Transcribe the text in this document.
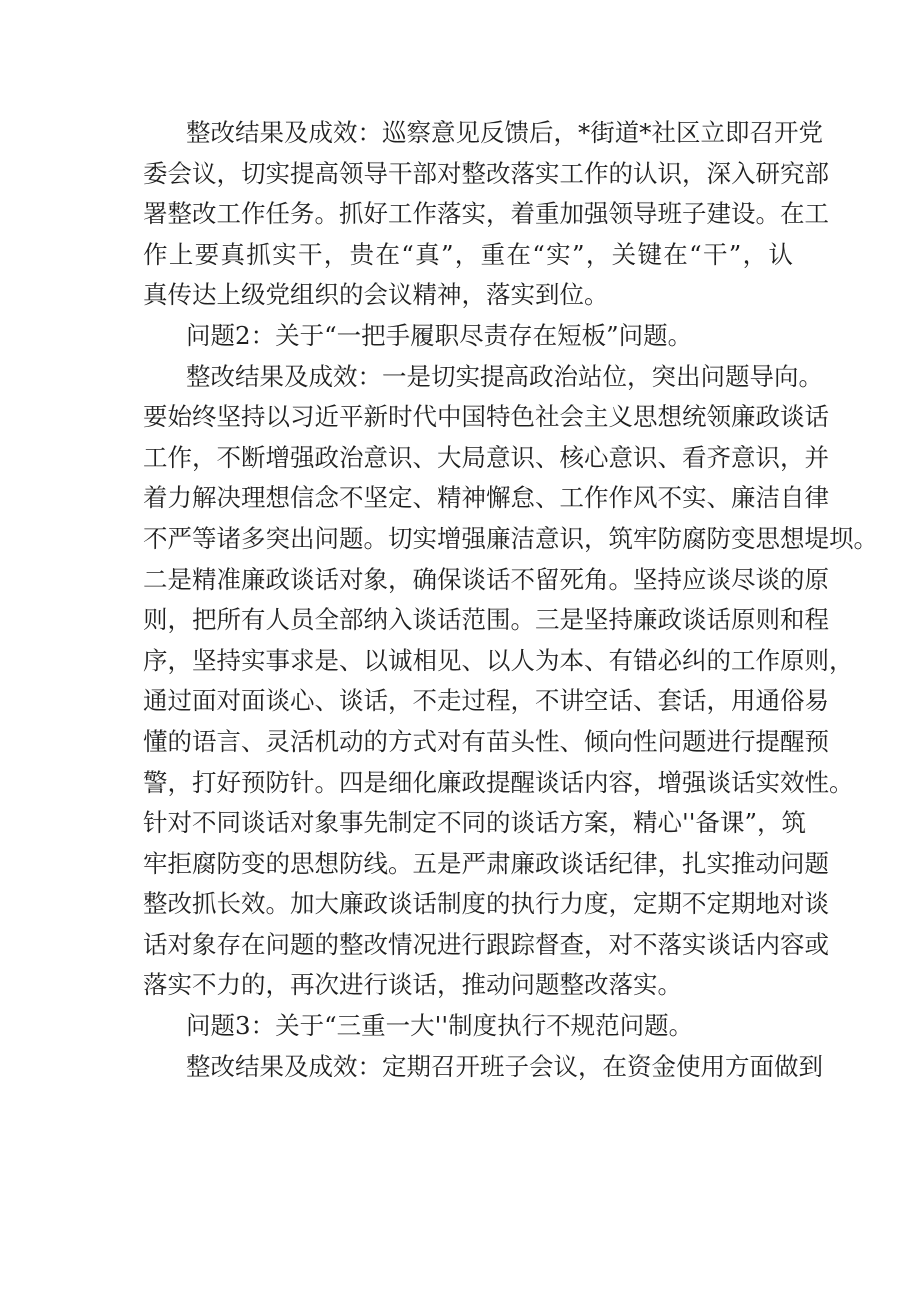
整改结果及成效：巡察意见反馈后，*街道*社区立即召开党
委会议，切实提高领导干部对整改落实工作的认识，深入研究部
署整改工作任务。抓好工作落实，着重加强领导班子建设。在工
作上要真抓实干，贵在“真”，重在“实”，关键在“干”，认
真传达上级党组织的会议精神，落实到位。
问题2：关于“一把手履职尽责存在短板”问题。
整改结果及成效：一是切实提高政治站位，突出问题导向。
要始终坚持以习近平新时代中国特色社会主义思想统领廉政谈话
工作，不断增强政治意识、大局意识、核心意识、看齐意识，并
着力解决理想信念不坚定、精神懈怠、工作作风不实、廉洁自律
不严等诸多突出问题。切实增强廉洁意识，筑牢防腐防变思想堤坝。
二是精准廉政谈话对象，确保谈话不留死角。坚持应谈尽谈的原
则，把所有人员全部纳入谈话范围。三是坚持廉政谈话原则和程
序，坚持实事求是、以诚相见、以人为本、有错必纠的工作原则，
通过面对面谈心、谈话，不走过程，不讲空话、套话，用通俗易
懂的语言、灵活机动的方式对有苗头性、倾向性问题进行提醒预
警，打好预防针。四是细化廉政提醒谈话内容，增强谈话实效性。
针对不同谈话对象事先制定不同的谈话方案，精心''备课”，筑
牢拒腐防变的思想防线。五是严肃廉政谈话纪律，扎实推动问题
整改抓长效。加大廉政谈话制度的执行力度，定期不定期地对谈
话对象存在问题的整改情况进行跟踪督查，对不落实谈话内容或
落实不力的，再次进行谈话，推动问题整改落实。
问题3：关于“三重一大''制度执行不规范问题。
整改结果及成效：定期召开班子会议，在资金使用方面做到
